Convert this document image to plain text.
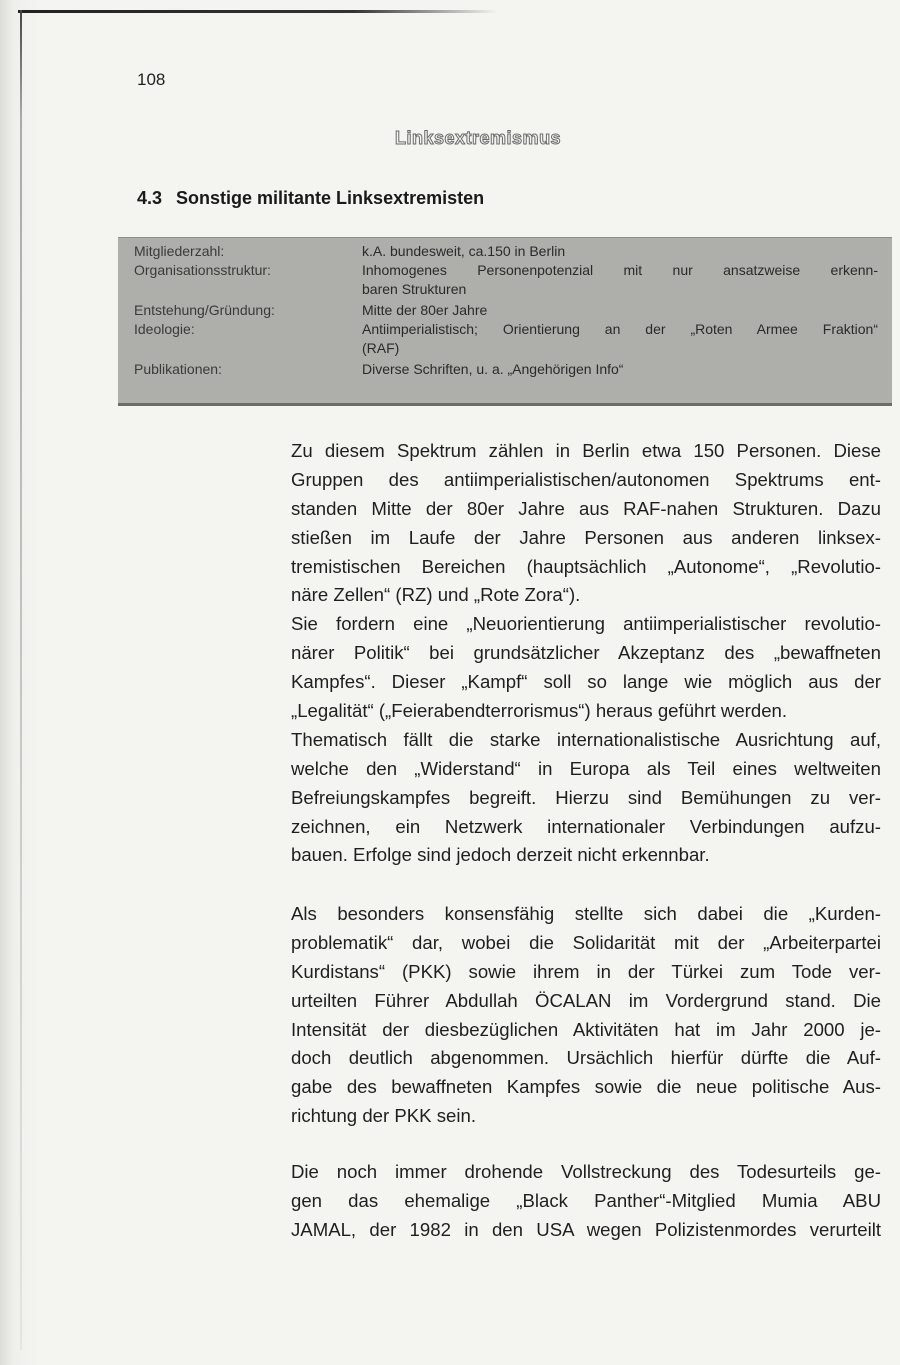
108
Linksextremismus
4.3 Sonstige militante Linksextremisten
Mitgliederzahl:	k.A. bundesweit, ca.150 in Berlin
Organisationsstruktur:	Inhomogenes Personenpotenzial mit nur ansatzweise erkenn-
baren Strukturen
Entstehung/Gründung:	Mitte der 80er Jahre
Ideologie:	Antiimperialistisch; Orientierung an der „Roten Armee Fraktion“
(RAF)
Publikationen:	Diverse Schriften, u. a. „Angehörigen Info“
Zu diesem Spektrum zählen in Berlin etwa 150 Personen. Diese
Gruppen des antiimperialistischen/autonomen Spektrums ent-
standen Mitte der 80er Jahre aus RAF-nahen Strukturen. Dazu
stießen im Laufe der Jahre Personen aus anderen linksex-
tremistischen Bereichen (hauptsächlich „Autonome“, „Revolutio-
näre Zellen“ (RZ) und „Rote Zora“).
Sie fordern eine „Neuorientierung antiimperialistischer revolutio-
närer Politik“ bei grundsätzlicher Akzeptanz des „bewaffneten
Kampfes“. Dieser „Kampf“ soll so lange wie möglich aus der
„Legalität“ („Feierabendterrorismus“) heraus geführt werden.
Thematisch fällt die starke internationalistische Ausrichtung auf,
welche den „Widerstand“ in Europa als Teil eines weltweiten
Befreiungskampfes begreift. Hierzu sind Bemühungen zu ver-
zeichnen, ein Netzwerk internationaler Verbindungen aufzu-
bauen. Erfolge sind jedoch derzeit nicht erkennbar.
Als besonders konsensfähig stellte sich dabei die „Kurden-
problematik“ dar, wobei die Solidarität mit der „Arbeiterpartei
Kurdistans“ (PKK) sowie ihrem in der Türkei zum Tode ver-
urteilten Führer Abdullah ÖCALAN im Vordergrund stand. Die
Intensität der diesbezüglichen Aktivitäten hat im Jahr 2000 je-
doch deutlich abgenommen. Ursächlich hierfür dürfte die Auf-
gabe des bewaffneten Kampfes sowie die neue politische Aus-
richtung der PKK sein.
Die noch immer drohende Vollstreckung des Todesurteils ge-
gen das ehemalige „Black Panther“-Mitglied Mumia ABU
JAMAL, der 1982 in den USA wegen Polizistenmordes verurteilt
